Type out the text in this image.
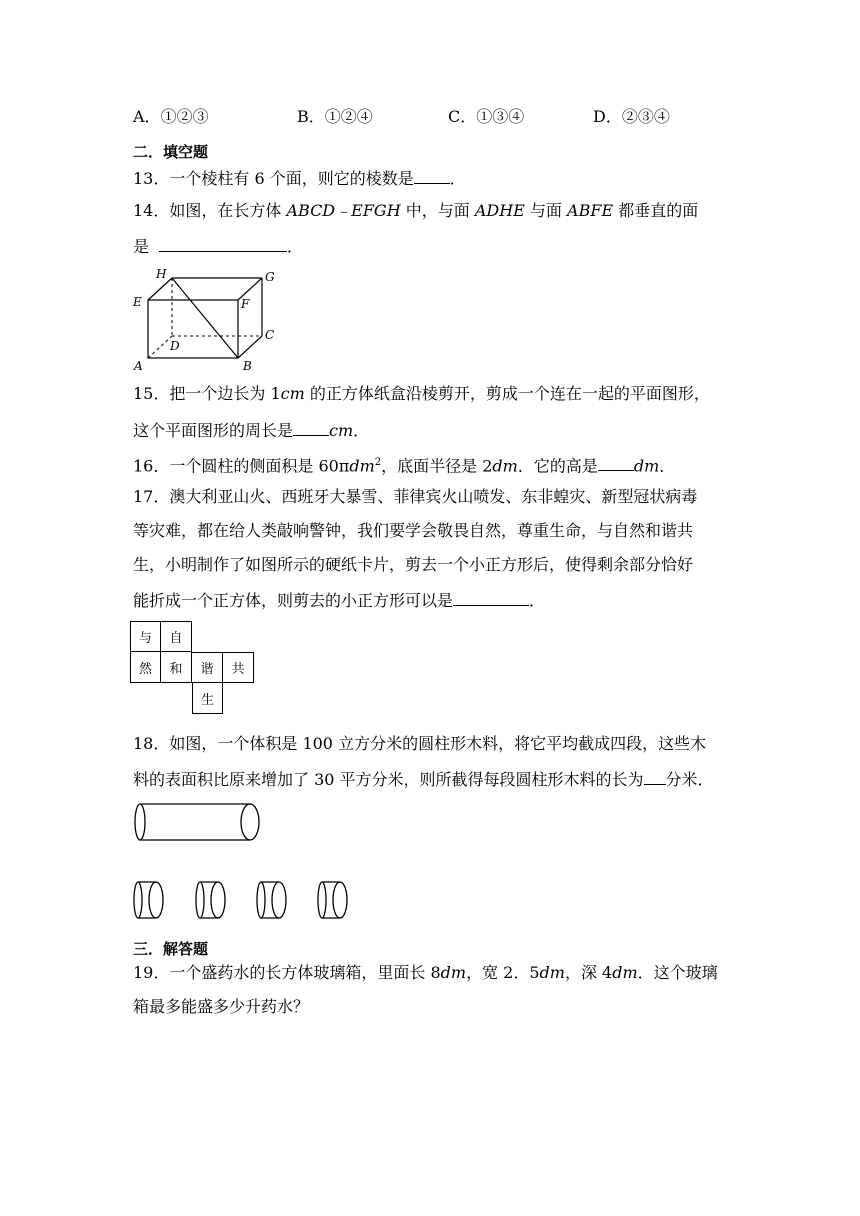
A．①②③	B．①②④	C．①③④	D．②③④
二．填空题
13．一个棱柱有 6 个面，则它的棱数是 ．
14．如图，在长方体 ABCD﹣EFGH 中，与面 ADHE 与面 ABFE 都垂直的面
是	．
H	G
E	F
C
D
A	B
15．把一个边长为 1cm 的正方体纸盒沿棱剪开，剪成一个连在一起的平面图形，
这个平面图形的周长是 cm．
16．一个圆柱的侧面积是 60πdm$^2$，底面半径是 2dm．它的高是 dm．
17．澳大利亚山火、西班牙大暴雪、菲律宾火山喷发、东非蝗灾、新型冠状病毒
等灾难，都在给人类敲响警钟，我们要学会敬畏自然，尊重生命，与自然和谐共
生，小明制作了如图所示的硬纸卡片，剪去一个小正方形后，使得剩余部分恰好
能折成一个正方体，则剪去的小正方形可以是	．
与	自
然	和	谐	共
生
18．如图，一个体积是 100 立方分米的圆柱形木料，将它平均截成四段，这些木
料的表面积比原来增加了 30 平方分米，则所截得每段圆柱形木料的长为 分米．
三．解答题
19．一个盛药水的长方体玻璃箱，里面长 8dm，宽 2．5dm，深 4dm．这个玻璃
箱最多能盛多少升药水？
